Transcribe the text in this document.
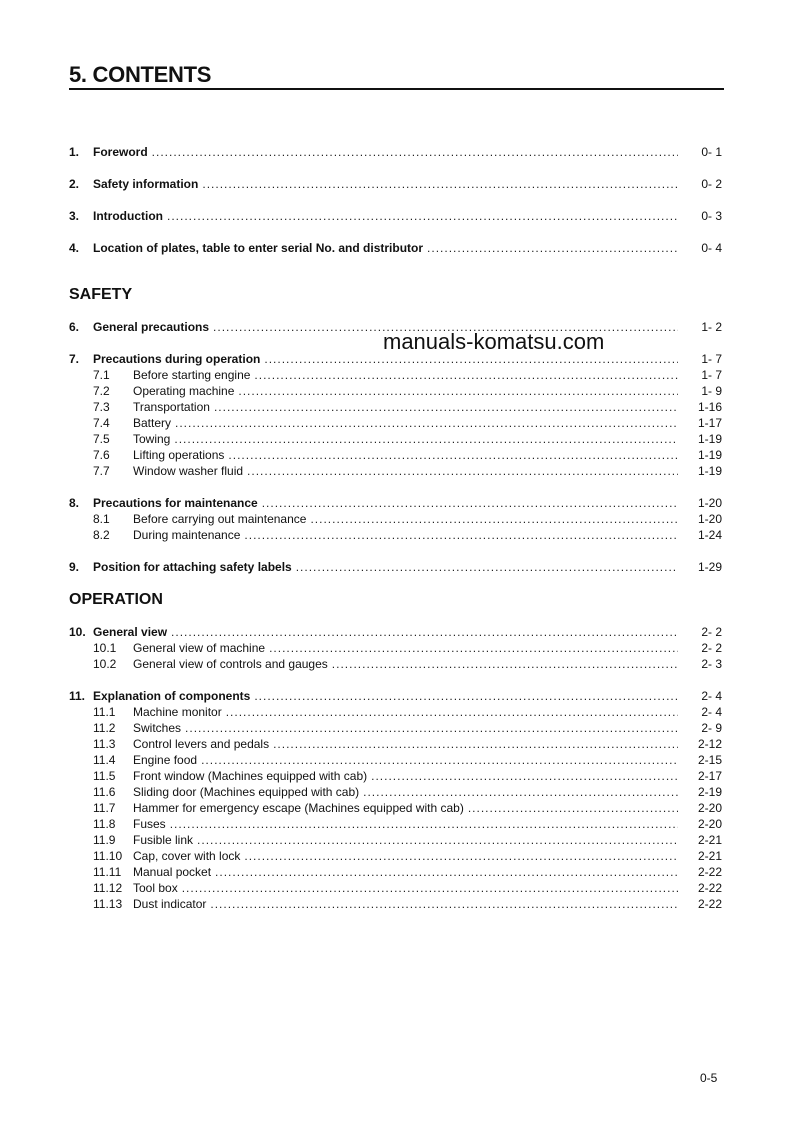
5. CONTENTS
1.	Foreword .....	0- 1
2.	Safety information .....	0- 2
3.	Introduction .....	0- 3
4.	Location of plates, table to enter serial No. and distributor .....	0- 4
SAFETY
6.	General precautions .....	1- 2
7.	Precautions during operation .....	1- 7
7.1	Before starting engine .....	1- 7
7.2	Operating machine .....	1- 9
7.3	Transportation .....	1-16
7.4	Battery .....	1-17
7.5	Towing .....	1-19
7.6	Lifting operations .....	1-19
7.7	Window washer fluid .....	1-19
8.	Precautions for maintenance .....	1-20
8.1	Before carrying out maintenance .....	1-20
8.2	During maintenance .....	1-24
9.	Position for attaching safety labels .....	1-29
OPERATION
10. General view .....	2- 2
10.1	General view of machine .....	2- 2
10.2	General view of controls and gauges .....	2- 3
11. Explanation of components .....	2- 4
11.1	Machine monitor .....	2- 4
11.2	Switches .....	2- 9
11.3	Control levers and pedals .....	2-12
11.4	Engine food .....	2-15
11.5	Front window (Machines equipped with cab) .....	2-17
11.6	Sliding door (Machines equipped with cab) .....	2-19
11.7	Hammer for emergency escape (Machines equipped with cab) .....	2-20
11.8	Fuses .....	2-20
11.9	Fusible link .....	2-21
11.10 Cap, cover with lock .....	2-21
11.11 Manual pocket .....	2-22
11.12 Tool box .....	2-22
11.13 Dust indicator .....	2-22
manuals-komatsu.com
0-5
